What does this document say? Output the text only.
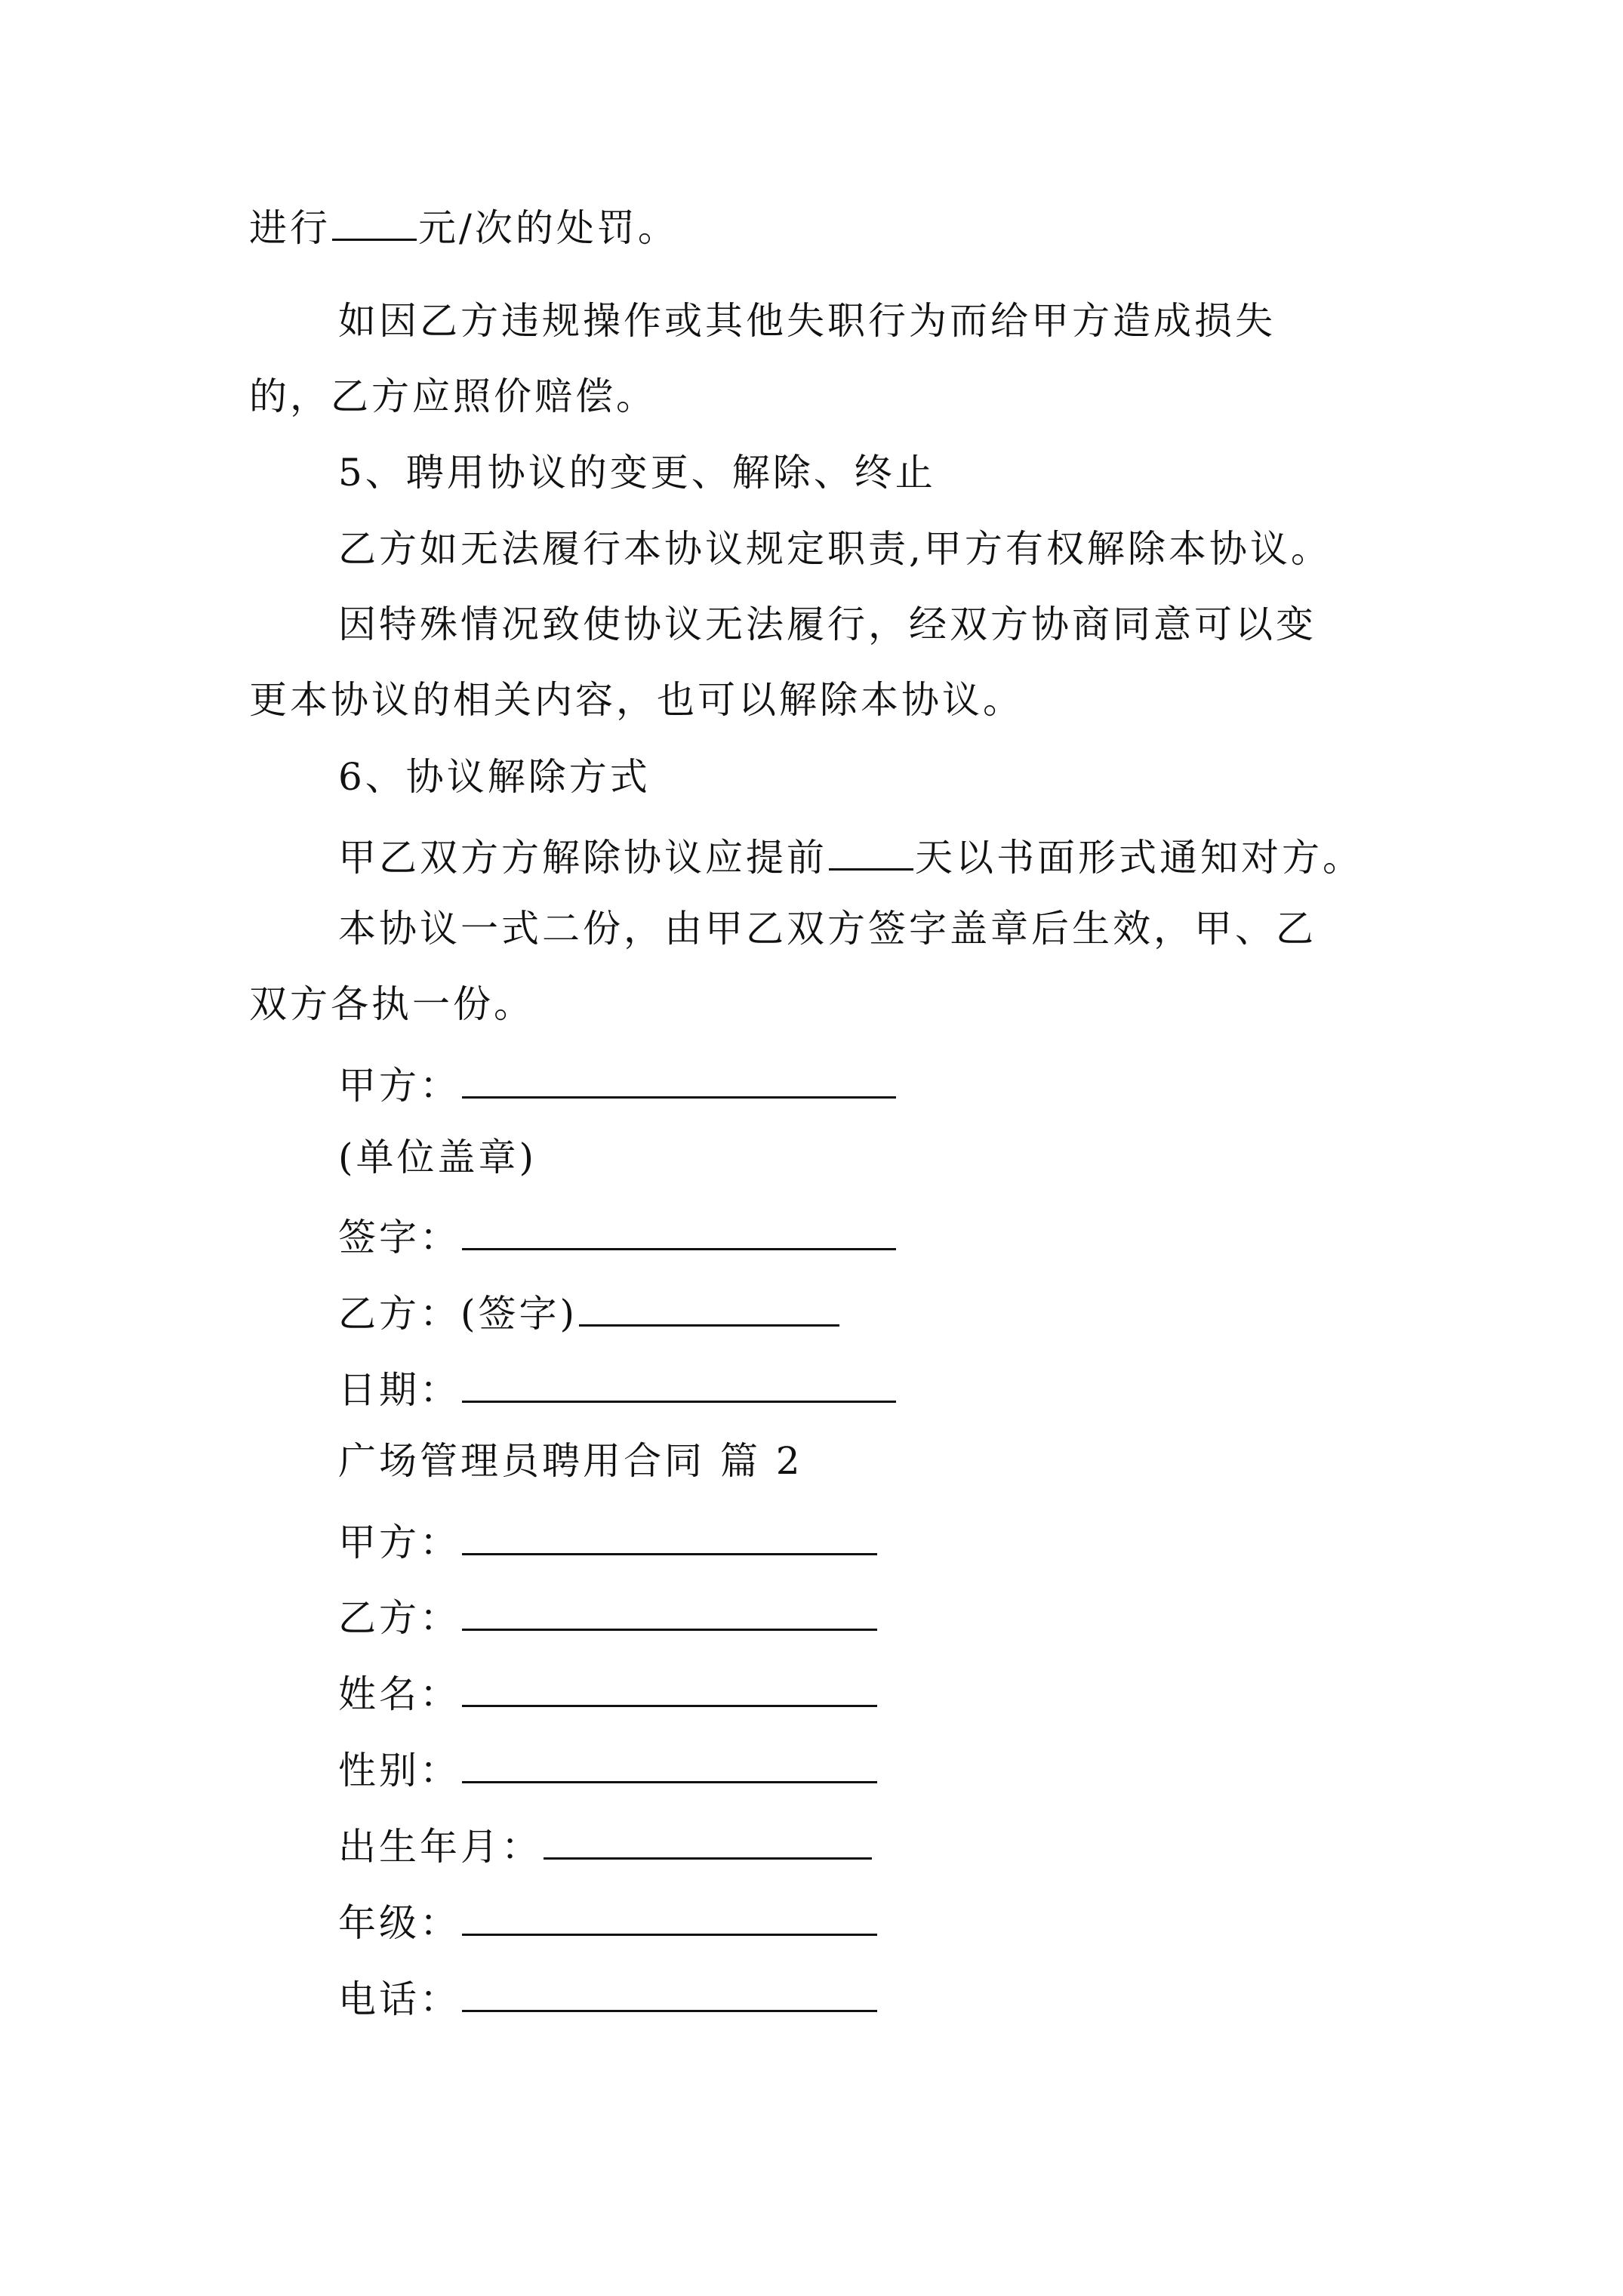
进行 元/次的处罚。
如因乙方违规操作或其他失职行为而给甲方造成损失
的，乙方应照价赔偿。
5、聘用协议的变更、解除、终止
乙方如无法履行本协议规定职责,甲方有权解除本协议。
因特殊情况致使协议无法履行，经双方协商同意可以变
更本协议的相关内容，也可以解除本协议。
6、协议解除方式
甲乙双方方解除协议应提前 天以书面形式通知对方。
本协议一式二份，由甲乙双方签字盖章后生效，甲、乙
双方各执一份。
甲方：
(单位盖章)
签字：
乙方：(签字)
日期：
广场管理员聘用合同 篇 2
甲方：
乙方：
姓名：
性别：
出生年月：
年级：
电话：
